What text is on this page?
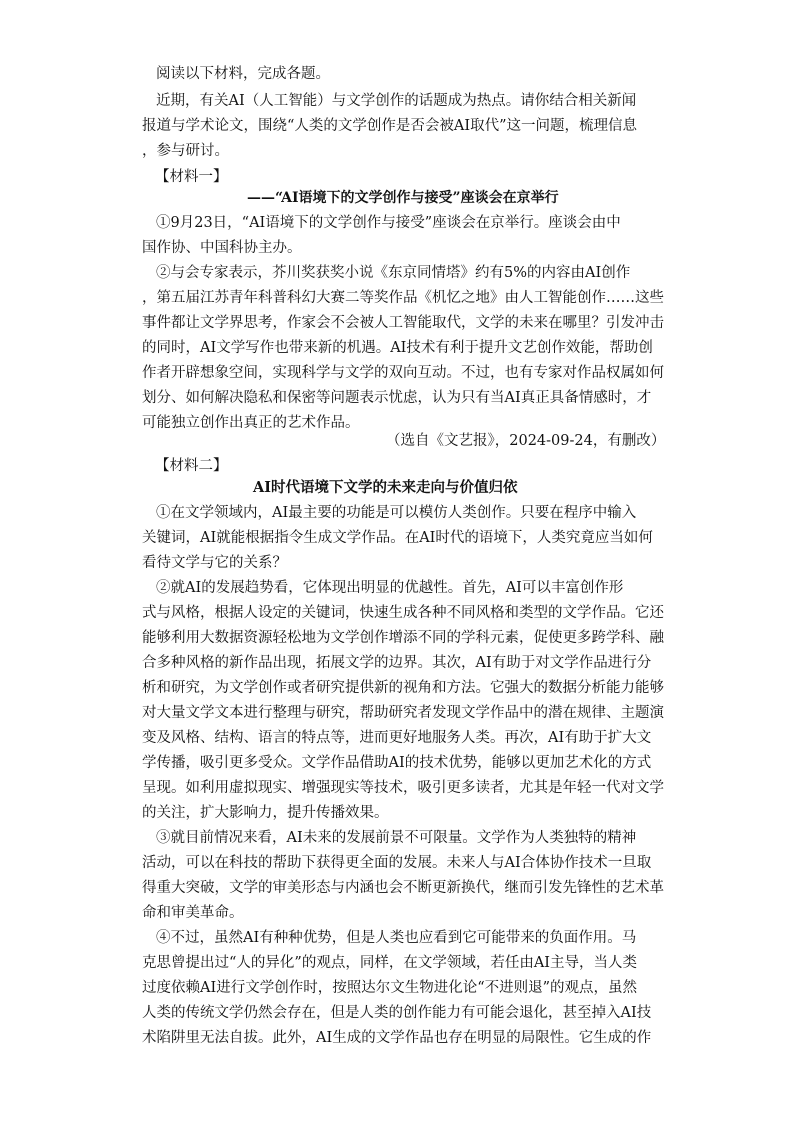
阅读以下材料，完成各题。
近期，有关AI（人工智能）与文学创作的话题成为热点。请你结合相关新闻
报道与学术论文，围绕“人类的文学创作是否会被AI取代”这一问题，梳理信息
，参与研讨。
【材料一】
——“AI语境下的文学创作与接受”座谈会在京举行
①9月23日，“AI语境下的文学创作与接受”座谈会在京举行。座谈会由中
国作协、中国科协主办。
②与会专家表示，芥川奖获奖小说《东京同情塔》约有5%的内容由AI创作
，第五届江苏青年科普科幻大赛二等奖作品《机忆之地》由人工智能创作……这些
事件都让文学界思考，作家会不会被人工智能取代，文学的未来在哪里？引发冲击
的同时，AI文学写作也带来新的机遇。AI技术有利于提升文艺创作效能，帮助创
作者开辟想象空间，实现科学与文学的双向互动。不过，也有专家对作品权属如何
划分、如何解决隐私和保密等问题表示忧虑，认为只有当AI真正具备情感时，才
可能独立创作出真正的艺术作品。
（选自《文艺报》，2024-09-24，有删改）
【材料二】
AI时代语境下文学的未来走向与价值归依
①在文学领域内，AI最主要的功能是可以模仿人类创作。只要在程序中输入
关键词，AI就能根据指令生成文学作品。在AI时代的语境下，人类究竟应当如何
看待文学与它的关系？
②就AI的发展趋势看，它体现出明显的优越性。首先，AI可以丰富创作形
式与风格，根据人设定的关键词，快速生成各种不同风格和类型的文学作品。它还
能够利用大数据资源轻松地为文学创作增添不同的学科元素，促使更多跨学科、融
合多种风格的新作品出现，拓展文学的边界。其次，AI有助于对文学作品进行分
析和研究，为文学创作或者研究提供新的视角和方法。它强大的数据分析能力能够
对大量文学文本进行整理与研究，帮助研究者发现文学作品中的潜在规律、主题演
变及风格、结构、语言的特点等，进而更好地服务人类。再次，AI有助于扩大文
学传播，吸引更多受众。文学作品借助AI的技术优势，能够以更加艺术化的方式
呈现。如利用虚拟现实、增强现实等技术，吸引更多读者，尤其是年轻一代对文学
的关注，扩大影响力，提升传播效果。
③就目前情况来看，AI未来的发展前景不可限量。文学作为人类独特的精神
活动，可以在科技的帮助下获得更全面的发展。未来人与AI合体协作技术一旦取
得重大突破，文学的审美形态与内涵也会不断更新换代，继而引发先锋性的艺术革
命和审美革命。
④不过，虽然AI有种种优势，但是人类也应看到它可能带来的负面作用。马
克思曾提出过“人的异化”的观点，同样，在文学领域，若任由AI主导，当人类
过度依赖AI进行文学创作时，按照达尔文生物进化论“不进则退”的观点，虽然
人类的传统文学仍然会存在，但是人类的创作能力有可能会退化，甚至掉入AI技
术陷阱里无法自拔。此外，AI生成的文学作品也存在明显的局限性。它生成的作
